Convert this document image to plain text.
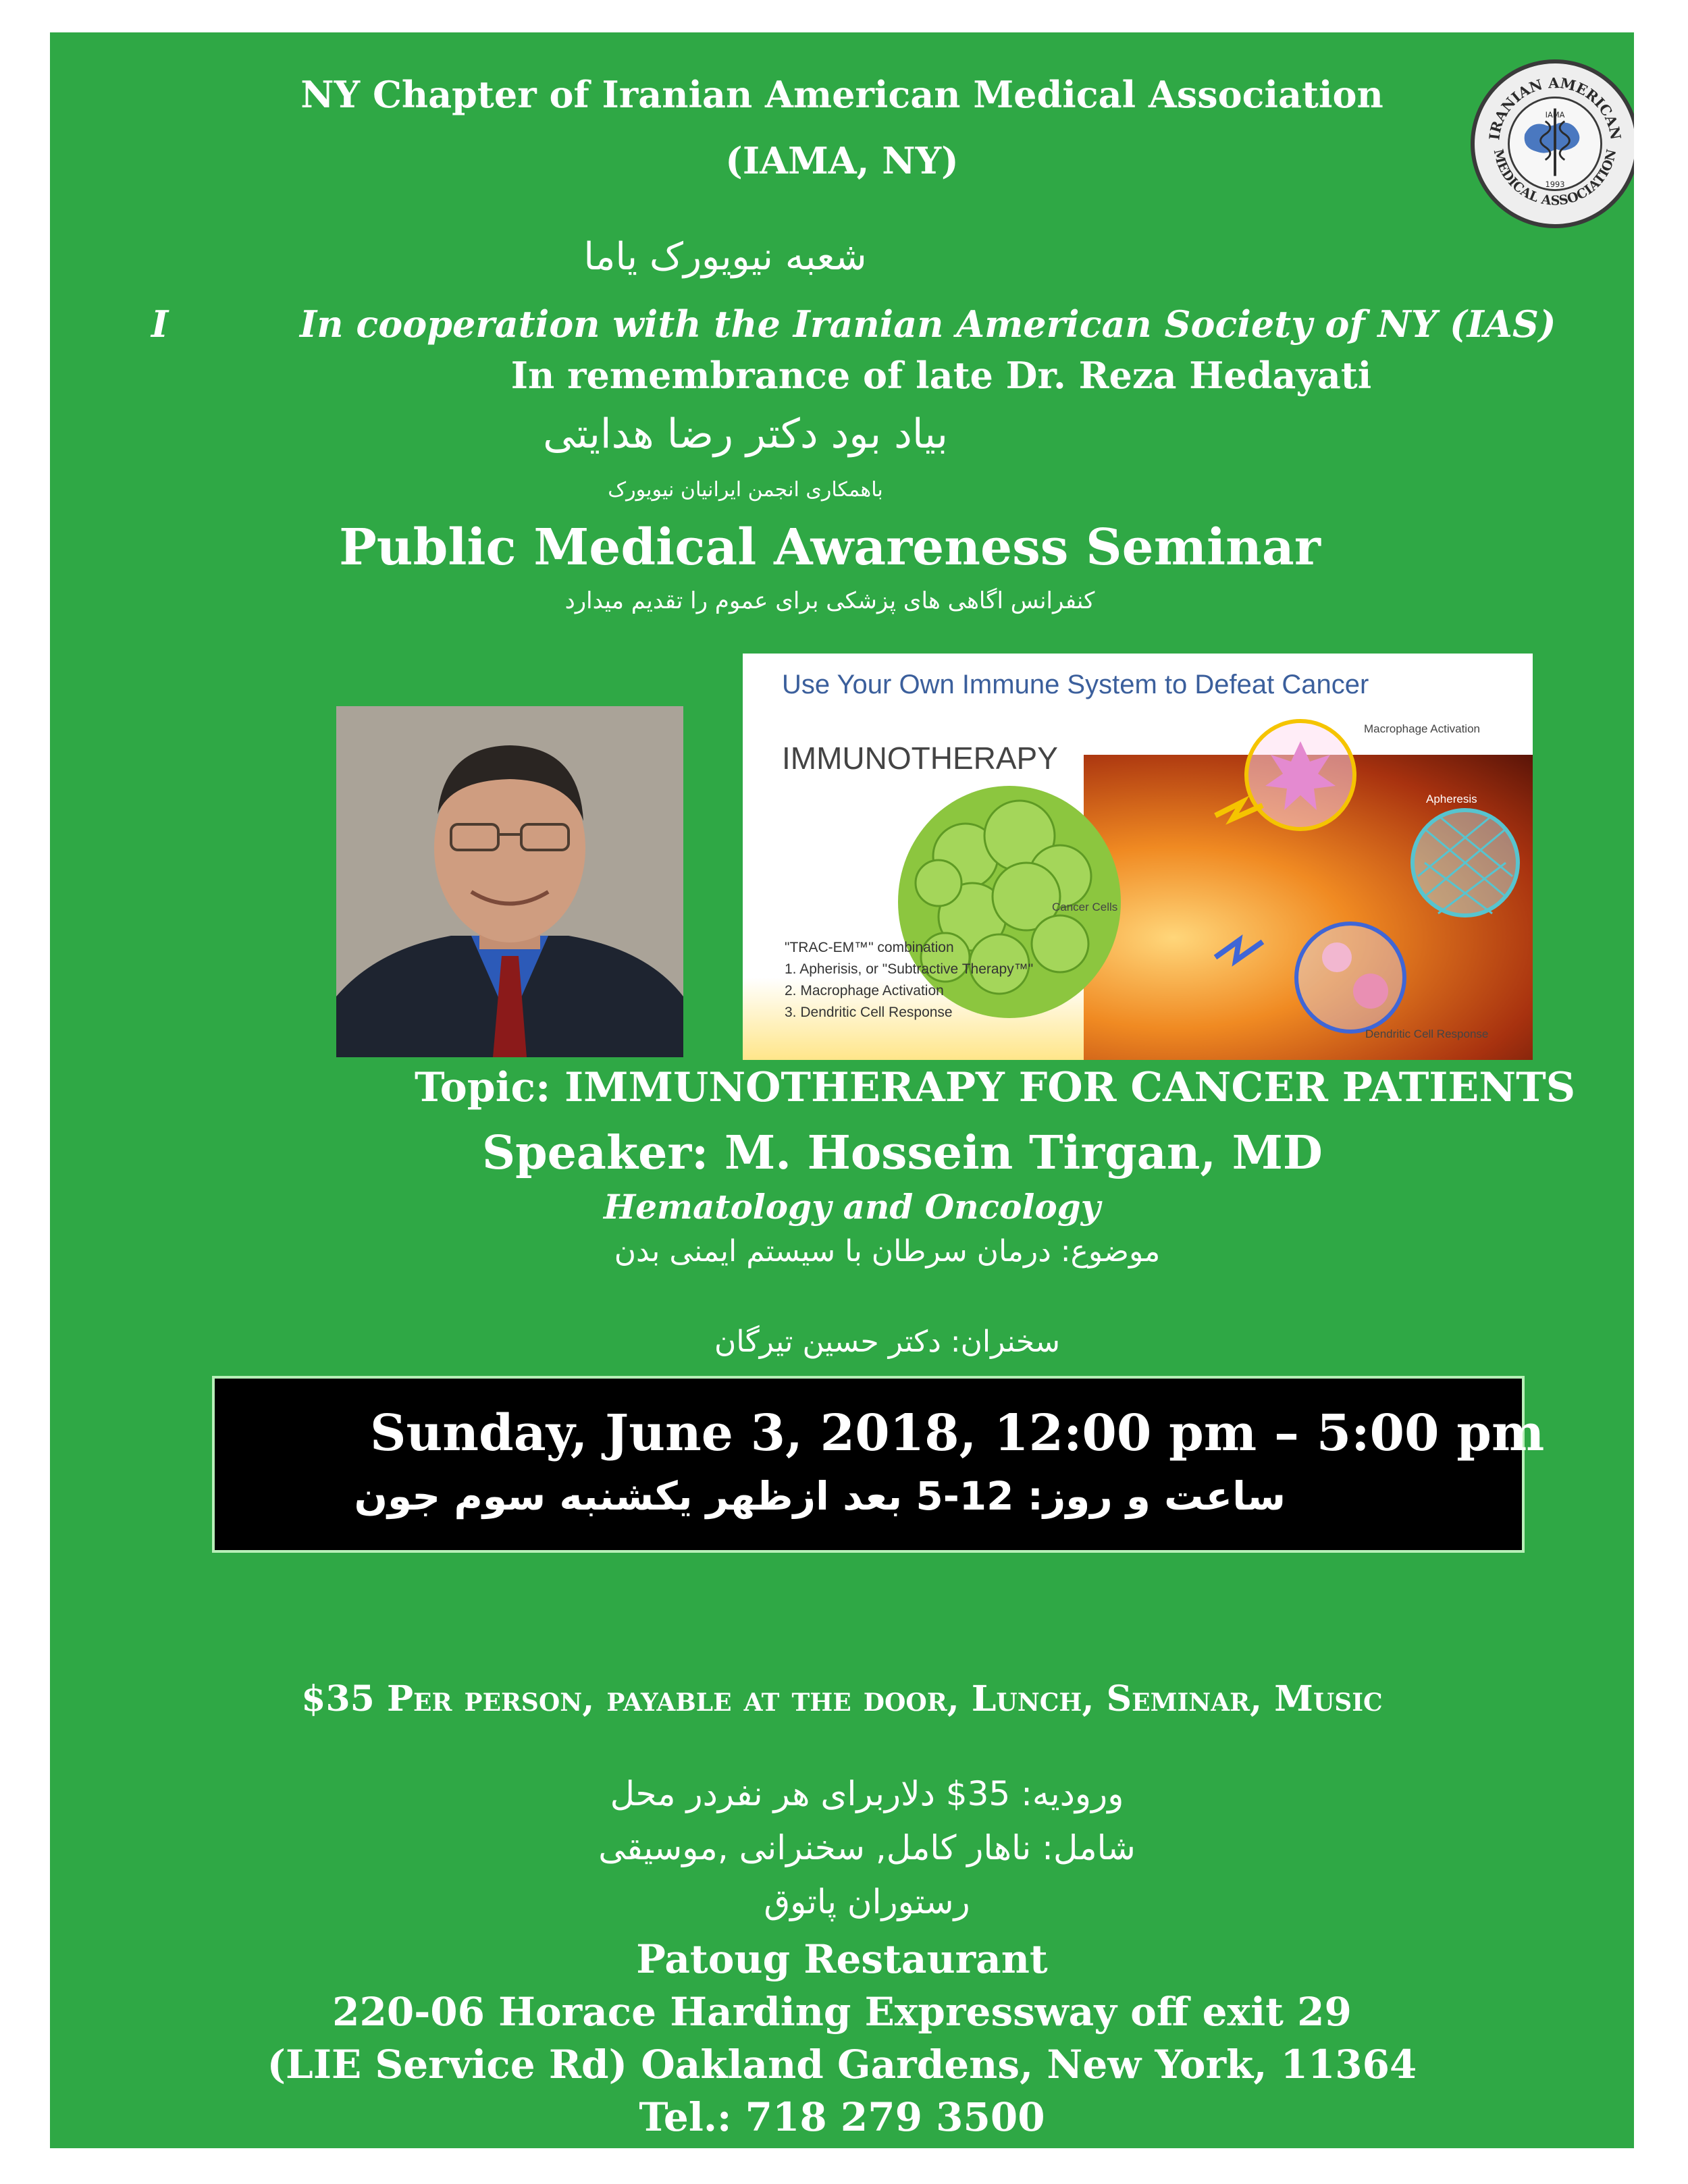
NY Chapter of Iranian American Medical Association
(IAMA, NY)
IRANIAN AMERICAN
MEDICAL ASSOCIATION
IAMA
1993
شعبه نیویورک یاما
I	In cooperation with the Iranian American Society of NY (IAS)
In remembrance of late Dr. Reza Hedayati
بیاد بود دکتر رضا هدایتی
باهمکاری انجمن ایرانیان نیویورک
Public Medical Awareness Seminar
کنفرانس اگاهی های پزشکی برای عموم را تقدیم میدارد
Use Your Own Immune System to Defeat Cancer
IMMUNOTHERAPY
Macrophage Activation
Apheresis
Cancer Cells
Dendritic Cell Response
"TRAC-EM™" combination
1. Apherisis, or "Subtractive Therapy™"
2. Macrophage Activation
3. Dendritic Cell Response
Topic: IMMUNOTHERAPY FOR CANCER PATIENTS
Speaker: M. Hossein Tirgan, MD
Hematology and Oncology
موضوع: درمان سرطان با سیستم ایمنی بدن
سخنران: دکتر حسین تیرگان
Sunday, June 3, 2018, 12:00 pm – 5:00 pm
ساعت و روز: 12-5 بعد ازظهر یکشنبه سوم جون
$35 Per person, payable at the door, Lunch, Seminar, Music
ورودیه: 35$ دلاربرای هر نفردر محل
شامل: ناهار کامل, سخنرانی ,موسیقی
رستوران پاتوق
Patoug Restaurant
220-06 Horace Harding Expressway off exit 29
(LIE Service Rd) Oakland Gardens, New York, 11364
Tel.: 718 279 3500
